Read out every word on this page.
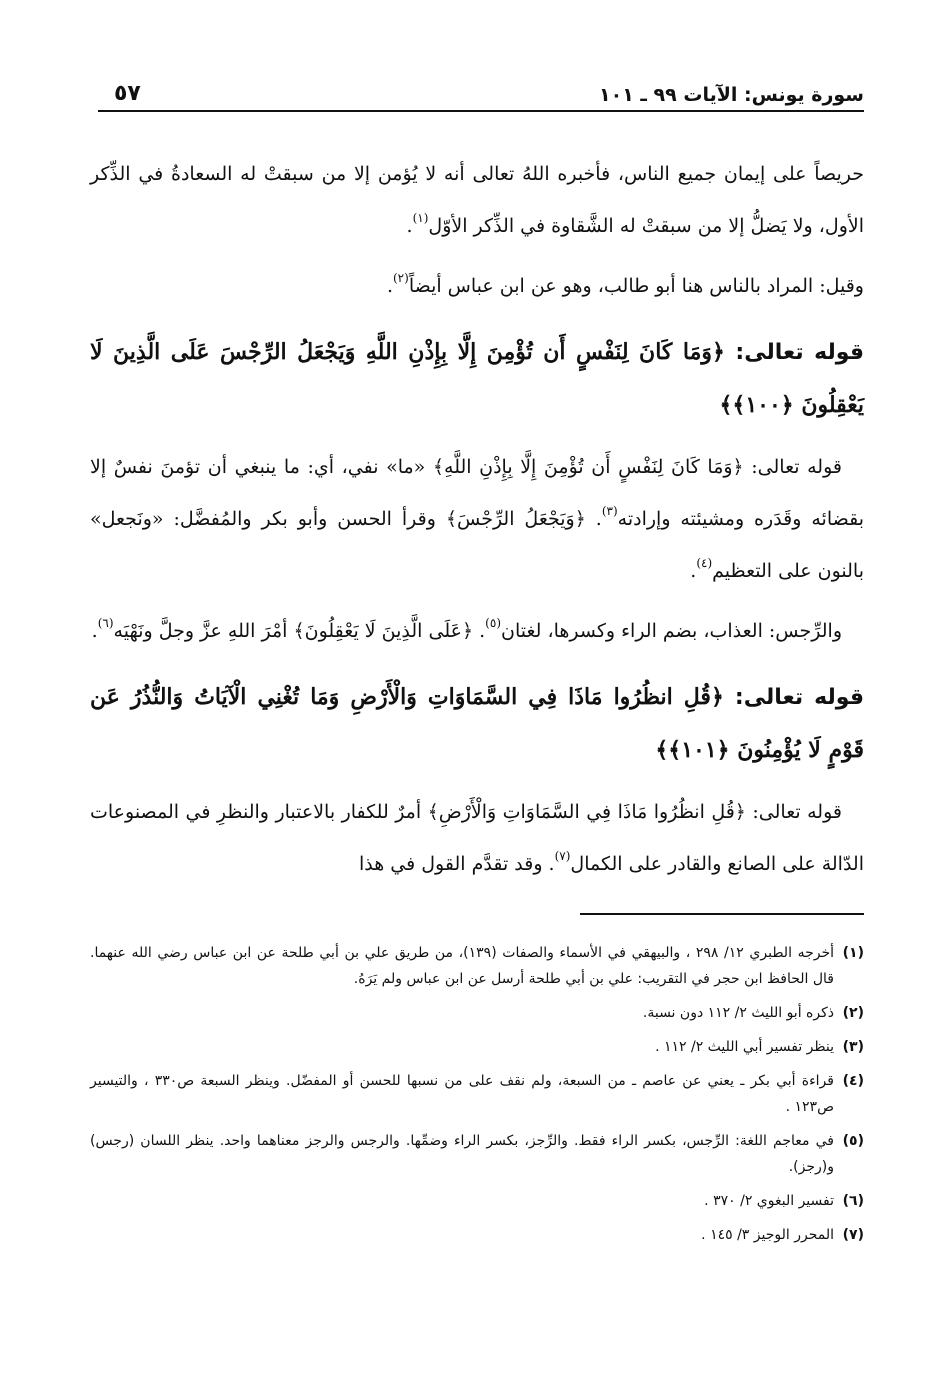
سورة يونس: الآيات ٩٩ ـ ١٠١
٥٧

حريصاً على إيمان جميع الناس، فأخبره اللهُ تعالى أنه لا يُؤمن إلا من سبقتْ له السعادةُ في الذِّكر الأول، ولا يَضلُّ إلا من سبقتْ له الشَّقاوة في الذِّكر الأوّل$^{(١)}$.

وقيل: المراد بالناس هنا أبو طالب، وهو عن ابن عباس أيضاً$^{(٢)}$.

قوله تعالى: ﴿وَمَا كَانَ لِنَفْسٍ أَن تُؤْمِنَ إِلَّا بِإِذْنِ اللَّهِ وَيَجْعَلُ الرِّجْسَ عَلَى الَّذِينَ لَا يَعْقِلُونَ ﴿١٠٠﴾﴾

قوله تعالى: ﴿وَمَا كَانَ لِنَفْسٍ أَن تُؤْمِنَ إِلَّا بِإِذْنِ اللَّهِ﴾ «ما» نفي، أي: ما ينبغي أن تؤمنَ نفسٌ إلا بقضائه وقَدَره ومشيئته وإرادته$^{(٣)}$. ﴿وَيَجْعَلُ الرِّجْسَ﴾ وقرأ الحسن وأبو بكر والمُفضَّل: «ونَجعل» بالنون على التعظيم$^{(٤)}$.

والرِّجس: العذاب، بضم الراء وكسرها، لغتان$^{(٥)}$. ﴿عَلَى الَّذِينَ لَا يَعْقِلُونَ﴾ أمْرَ اللهِ عزَّ وجلَّ ونَهْيَه$^{(٦)}$.

قوله تعالى: ﴿قُلِ انظُرُوا مَاذَا فِي السَّمَاوَاتِ وَالْأَرْضِ وَمَا تُغْنِي الْآيَاتُ وَالنُّذُرُ عَن قَوْمٍ لَا يُؤْمِنُونَ ﴿١٠١﴾﴾

قوله تعالى: ﴿قُلِ انظُرُوا مَاذَا فِي السَّمَاوَاتِ وَالْأَرْضِ﴾ أمرٌ للكفار بالاعتبار والنظرِ في المصنوعات الدّالة على الصانع والقادر على الكمال$^{(٧)}$. وقد تقدَّم القول في هذا

(١)
أخرجه الطبري ١٢/ ٢٩٨ ، والبيهقي في الأسماء والصفات (١٣٩)، من طريق علي بن أبي طلحة عن ابن عباس رضي الله عنهما. قال الحافظ ابن حجر في التقريب: علي بن أبي طلحة أرسل عن ابن عباس ولم يَرَهُ.

(٢)
ذكره أبو الليث ٢/ ١١٢ دون نسبة.

(٣)
ينظر تفسير أبي الليث ٢/ ١١٢ .

(٤)
قراءة أبي بكر ـ يعني عن عاصم ـ من السبعة، ولم نقف على من نسبها للحسن أو المفضّل. وينظر السبعة ص٣٣٠ ، والتيسير ص١٢٣ .

(٥)
في معاجم اللغة: الرِّجس، بكسر الراء فقط. والرِّجز، بكسر الراء وضمِّها. والرجس والرجز معناهما واحد. ينظر اللسان (رجس) و(رجز).

(٦)
تفسير البغوي ٢/ ٣٧٠ .

(٧)
المحرر الوجيز ٣/ ١٤٥ .
